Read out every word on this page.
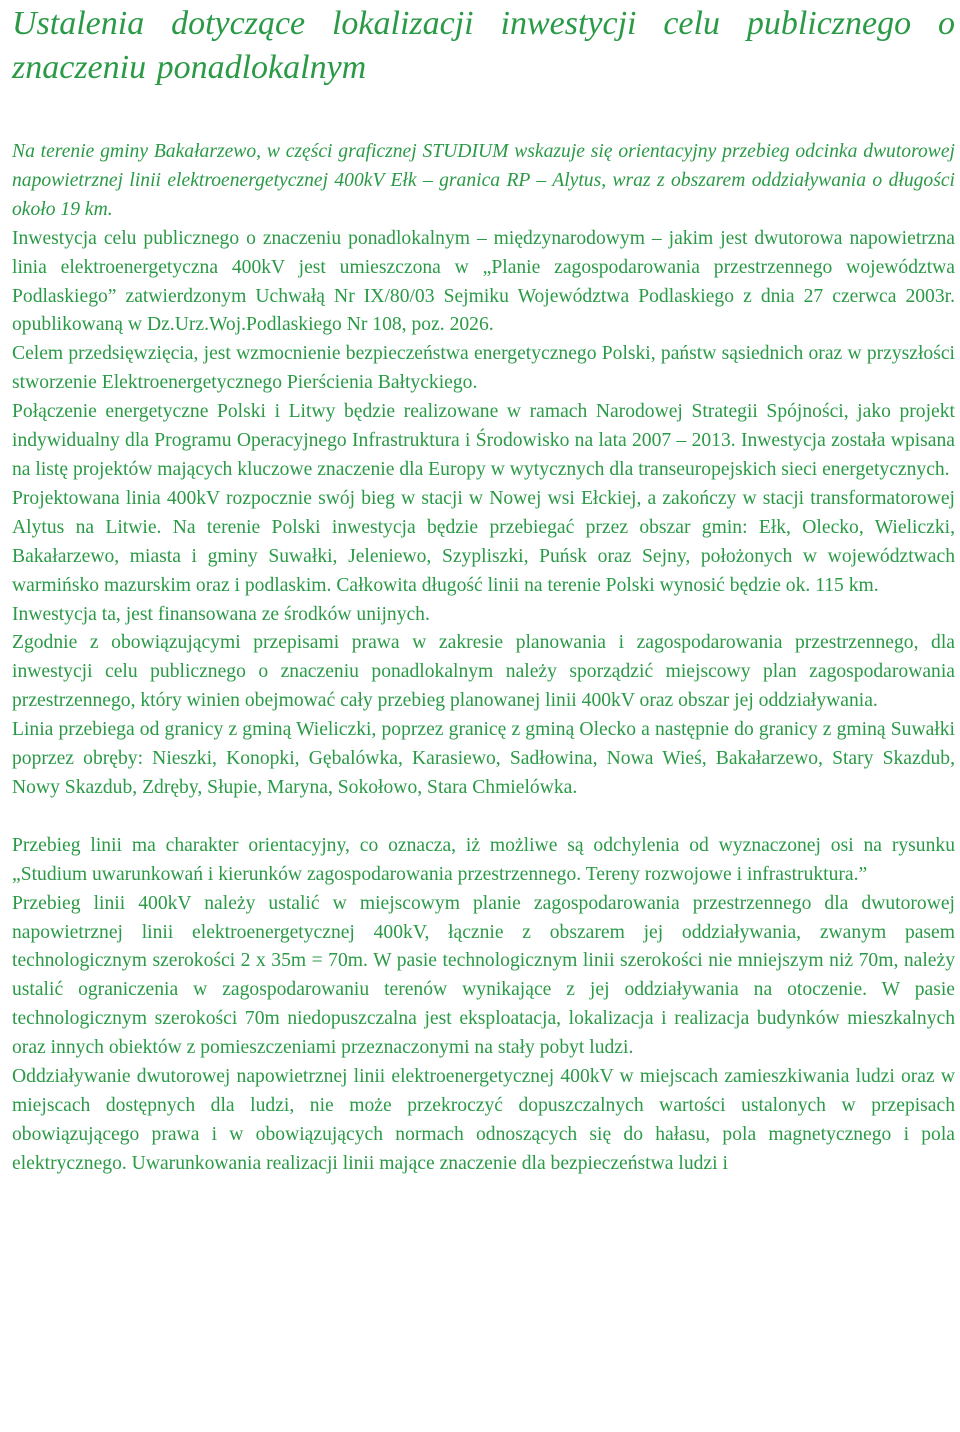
Ustalenia dotyczące lokalizacji inwestycji celu publicznego o znaczeniu ponadlokalnym

Na terenie gminy Bakałarzewo, w części graficznej STUDIUM wskazuje się orientacyjny przebieg odcinka dwutorowej napowietrznej linii elektroenergetycznej 400kV Ełk – granica RP – Alytus, wraz z obszarem oddziaływania o długości około 19 km.

Inwestycja celu publicznego o znaczeniu ponadlokalnym – międzynarodowym – jakim jest dwutorowa napowietrzna linia elektroenergetyczna 400kV jest umieszczona w „Planie zagospodarowania przestrzennego województwa Podlaskiego” zatwierdzonym Uchwałą Nr IX/80/03 Sejmiku Województwa Podlaskiego z dnia 27 czerwca 2003r. opublikowaną w Dz.Urz.Woj.Podlaskiego Nr 108, poz. 2026.

Celem przedsięwzięcia, jest wzmocnienie bezpieczeństwa energetycznego Polski, państw sąsiednich oraz w przyszłości stworzenie Elektroenergetycznego Pierścienia Bałtyckiego.

Połączenie energetyczne Polski i Litwy będzie realizowane w ramach Narodowej Strategii Spójności, jako projekt indywidualny dla Programu Operacyjnego Infrastruktura i Środowisko na lata 2007 – 2013. Inwestycja została wpisana na listę projektów mających kluczowe znaczenie dla Europy w wytycznych dla transeuropejskich sieci energetycznych.

Projektowana linia 400kV rozpocznie swój bieg w stacji w Nowej wsi Ełckiej, a zakończy w stacji transformatorowej Alytus na Litwie. Na terenie Polski inwestycja będzie przebiegać przez obszar gmin: Ełk, Olecko, Wieliczki, Bakałarzewo, miasta i gminy Suwałki, Jeleniewo, Szypliszki, Puńsk oraz Sejny, położonych w województwach warmińsko mazurskim oraz i podlaskim. Całkowita długość linii na terenie Polski wynosić będzie ok. 115 km.

Inwestycja ta, jest finansowana ze środków unijnych.

Zgodnie z obowiązującymi przepisami prawa w zakresie planowania i zagospodarowania przestrzennego, dla inwestycji celu publicznego o znaczeniu ponadlokalnym należy sporządzić miejscowy plan zagospodarowania przestrzennego, który winien obejmować cały przebieg planowanej linii 400kV oraz obszar jej oddziaływania.

Linia przebiega od granicy z gminą Wieliczki, poprzez granicę z gminą Olecko a następnie do granicy z gminą Suwałki poprzez obręby: Nieszki, Konopki, Gębalówka, Karasiewo, Sadłowina, Nowa Wieś, Bakałarzewo, Stary Skazdub, Nowy Skazdub, Zdręby, Słupie, Maryna, Sokołowo, Stara Chmielówka.

Przebieg linii ma charakter orientacyjny, co oznacza, iż możliwe są odchylenia od wyznaczonej osi na rysunku „Studium uwarunkowań i kierunków zagospodarowania przestrzennego. Tereny rozwojowe i infrastruktura.”

Przebieg linii 400kV należy ustalić w miejscowym planie zagospodarowania przestrzennego dla dwutorowej napowietrznej linii elektroenergetycznej 400kV, łącznie z obszarem jej oddziaływania, zwanym pasem technologicznym szerokości 2 x 35m = 70m. W pasie technologicznym linii szerokości nie mniejszym niż 70m, należy ustalić ograniczenia w zagospodarowaniu terenów wynikające z jej oddziaływania na otoczenie. W pasie technologicznym szerokości 70m niedopuszczalna jest eksploatacja, lokalizacja i realizacja budynków mieszkalnych oraz innych obiektów z pomieszczeniami przeznaczonymi na stały pobyt ludzi.

Oddziaływanie dwutorowej napowietrznej linii elektroenergetycznej 400kV w miejscach zamieszkiwania ludzi oraz w miejscach dostępnych dla ludzi, nie może przekroczyć dopuszczalnych wartości ustalonych w przepisach obowiązującego prawa i w obowiązujących normach odnoszących się do hałasu, pola magnetycznego i pola elektrycznego. Uwarunkowania realizacji linii mające znaczenie dla bezpieczeństwa ludzi i
